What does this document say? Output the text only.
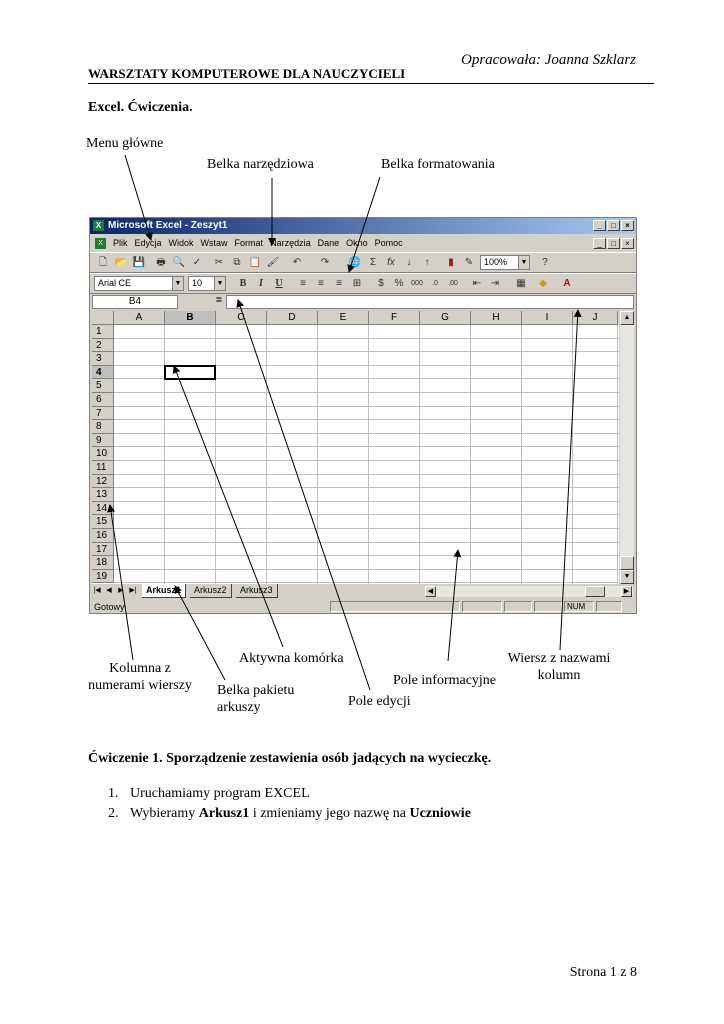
Opracowała: Joanna Szklarz
WARSZTATY KOMPUTEROWE DLA NAUCZYCIELI
Excel. Ćwiczenia.
Menu główne
Belka narzędziowa	Belka formatowania
X Microsoft Excel - Zeszyt1	_	□	×
X Plik Edycja Widok Wstaw Format Narzędzia Dane Okno Pomoc	_	□	×
🗋 📂 💾 🖶 🔍 ✓ ✂	⧉ 📋 🖌 ↶ ↷ 🌐 Σ	fx	↓	↑	▮	✎	100%	▼	?
Arial CE	▼	10	▼	B	I	U	≡	≡	≡	⊞	$	%	000	.0	.00 ⇤ ⇥ ▦	◆	A
B4	=
A	B	C	D	E	F	G	H	I	J
1
2
3
4
5
6
7
8
9
10
11
12
13
14
15
16
17
18
19
▲
▼
|◀ ◀ ▶ ▶|	Arkusz1	Arkusz2	Arkusz3	◀	▶
Gotowy	NUM
Kolumna z
numerami wierszy
Aktywna komórka
Belka pakietu
arkuszy	Pole edycji
Pole informacyjne
Wiersz z nazwami
kolumn
Ćwiczenie 1. Sporządzenie zestawienia osób jadących na wycieczkę.
1. Uruchamiamy program EXCEL
2. Wybieramy Arkusz1 i zmieniamy jego nazwę na Uczniowie
Strona 1 z 8
